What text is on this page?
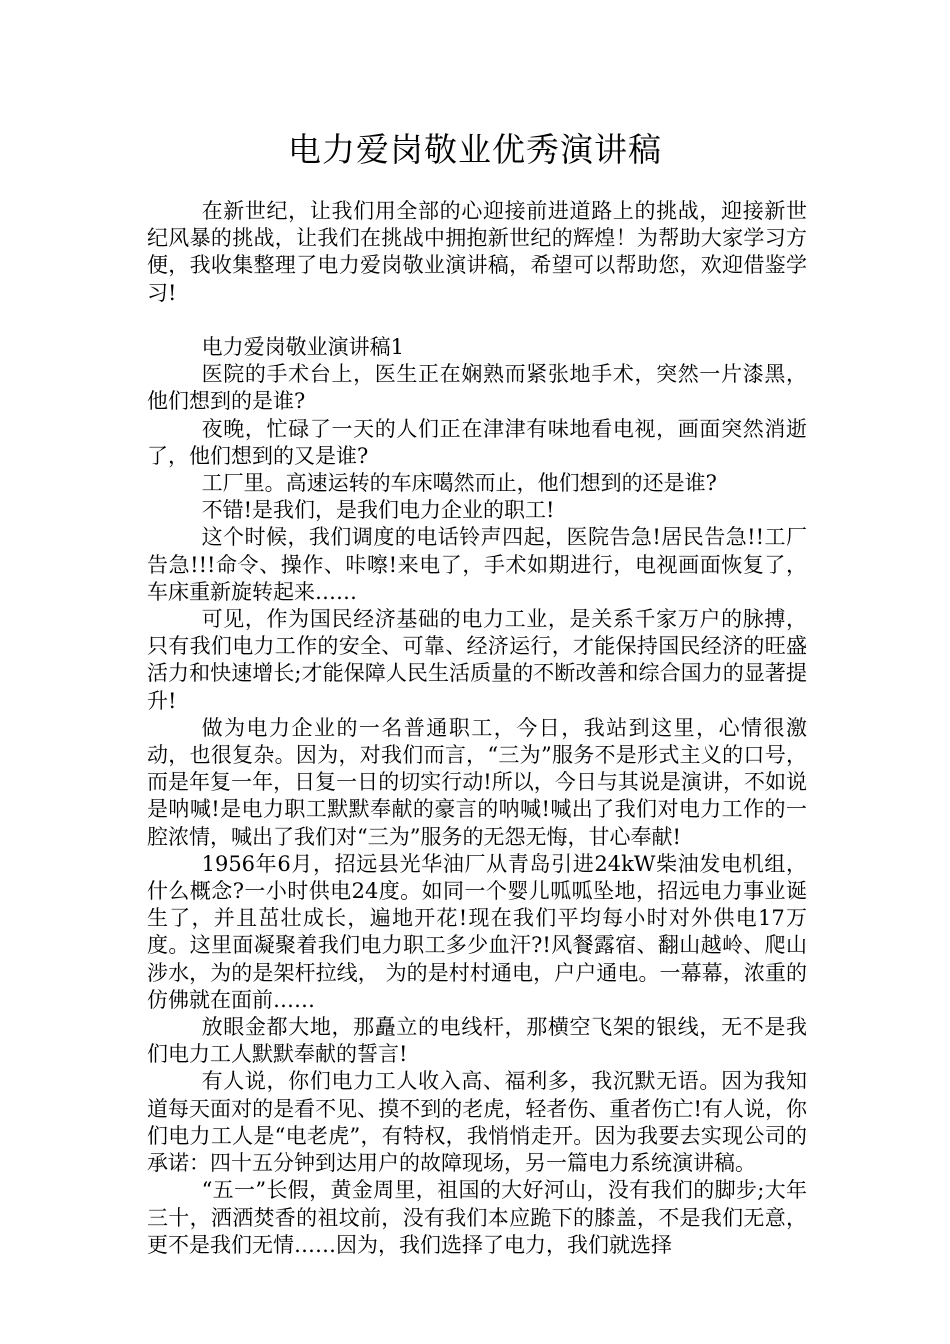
电力爱岗敬业优秀演讲稿

在新世纪，让我们用全部的心迎接前进道路上的挑战，迎接新世纪风暴的挑战，让我们在挑战中拥抱新世纪的辉煌！为帮助大家学习方便，我收集整理了电力爱岗敬业演讲稿，希望可以帮助您，欢迎借鉴学习!

电力爱岗敬业演讲稿1

医院的手术台上，医生正在娴熟而紧张地手术，突然一片漆黑，他们想到的是谁?

夜晚，忙碌了一天的人们正在津津有味地看电视，画面突然消逝了，他们想到的又是谁?

工厂里。高速运转的车床噶然而止，他们想到的还是谁?

不错!是我们，是我们电力企业的职工!

这个时候，我们调度的电话铃声四起，医院告急!居民告急!!工厂告急!!!命令、操作、咔嚓!来电了，手术如期进行，电视画面恢复了，车床重新旋转起来……

可见，作为国民经济基础的电力工业，是关系千家万户的脉搏，只有我们电力工作的安全、可靠、经济运行，才能保持国民经济的旺盛活力和快速增长;才能保障人民生活质量的不断改善和综合国力的显著提升!

做为电力企业的一名普通职工，今日，我站到这里，心情很激动，也很复杂。因为，对我们而言，“三为”服务不是形式主义的口号，而是年复一年，日复一日的切实行动!所以，今日与其说是演讲，不如说是呐喊!是电力职工默默奉献的豪言的呐喊!喊出了我们对电力工作的一腔浓情，喊出了我们对“三为”服务的无怨无悔，甘心奉献!

1956年6月，招远县光华油厂从青岛引进24kW柴油发电机组，什么概念?一小时供电24度。如同一个婴儿呱呱坠地，招远电力事业诞生了，并且茁壮成长，遍地开花!现在我们平均每小时对外供电17万度。这里面凝聚着我们电力职工多少血汗?!风餐露宿、翻山越岭、爬山涉水，为的是架杆拉线， 为的是村村通电，户户通电。一幕幕，浓重的仿佛就在面前……

放眼金都大地，那矗立的电线杆，那横空飞架的银线，无不是我们电力工人默默奉献的誓言!

有人说，你们电力工人收入高、福利多，我沉默无语。因为我知道每天面对的是看不见、摸不到的老虎，轻者伤、重者伤亡!有人说，你们电力工人是“电老虎”，有特权，我悄悄走开。因为我要去实现公司的承诺：四十五分钟到达用户的故障现场，另一篇电力系统演讲稿。

“五一”长假，黄金周里，祖国的大好河山，没有我们的脚步;大年三十，洒洒焚香的祖坟前，没有我们本应跪下的膝盖，不是我们无意，更不是我们无情……因为，我们选择了电力，我们就选择
